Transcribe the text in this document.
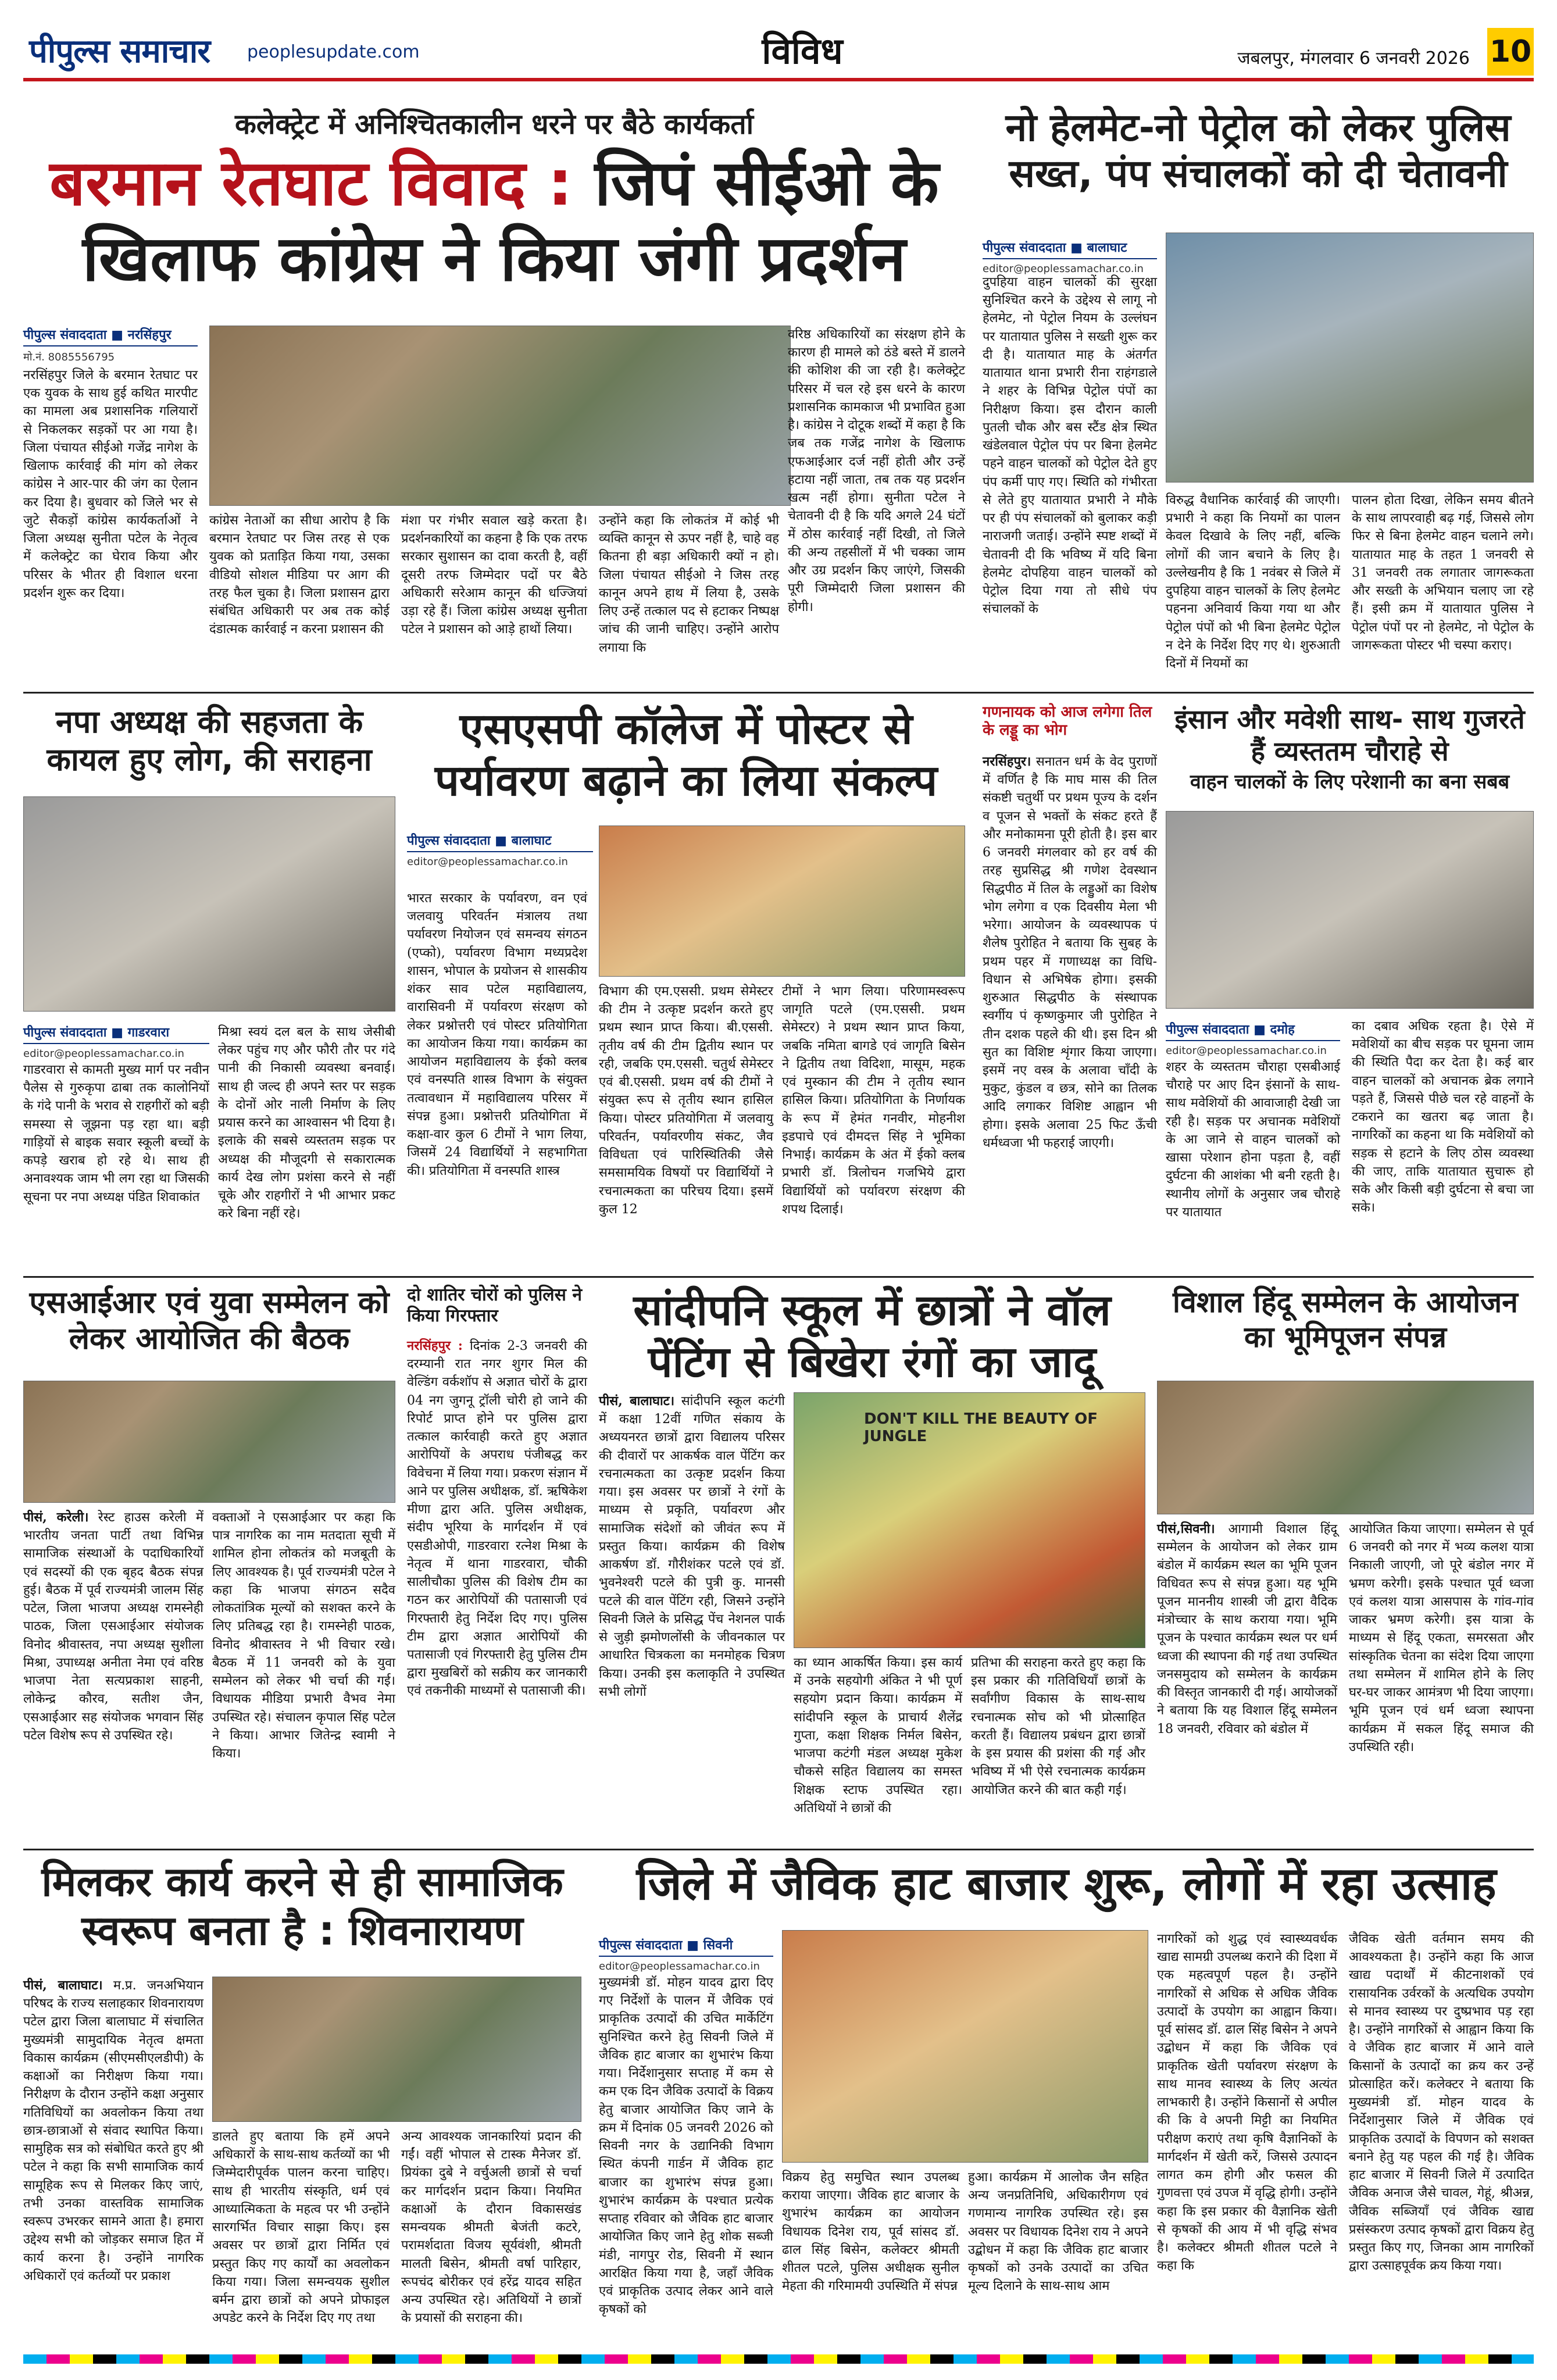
पीपुल्स समाचार peoplesupdate.com	विविध	जबलपुर, मंगलवार 6 जनवरी 2026 10
कलेक्ट्रेट में अनिश्चितकालीन धरने पर बैठे कार्यकर्ता
बरमान रेतघाट विवाद : जिपं सीईओ के खिलाफ कांग्रेस ने किया जंगी प्रदर्शन
पीपुल्स संवाददाता ■ नरसिंहपुर
मो.नं. 8085556795
नरसिंहपुर जिले के बरमान रेतघाट पर एक युवक के साथ हुई कथित मारपीट का मामला अब प्रशासनिक गलियारों से निकलकर सड़कों पर आ गया है। जिला पंचायत सीईओ गजेंद्र नागेश के खिलाफ कार्रवाई की मांग को लेकर कांग्रेस ने आर-पार की जंग का ऐलान कर दिया है। बुधवार को जिले भर से जुटे सैकड़ों कांग्रेस कार्यकर्ताओं ने जिला अध्यक्ष सुनीता पटेल के नेतृत्व में कलेक्ट्रेट का घेराव किया और परिसर के भीतर ही विशाल धरना प्रदर्शन शुरू कर दिया।
कांग्रेस नेताओं का सीधा आरोप है कि बरमान रेतघाट पर जिस तरह से एक युवक को प्रताड़ित किया गया, उसका वीडियो सोशल मीडिया पर आग की तरह फैल चुका है। जिला प्रशासन द्वारा संबंधित अधिकारी पर अब तक कोई दंडात्मक कार्रवाई न करना प्रशासन की
मंशा पर गंभीर सवाल खड़े करता है। प्रदर्शनकारियों का कहना है कि एक तरफ सरकार सुशासन का दावा करती है, वहीं दूसरी तरफ जिम्मेदार पदों पर बैठे अधिकारी सरेआम कानून की धज्जियां उड़ा रहे हैं। जिला कांग्रेस अध्यक्ष सुनीता पटेल ने प्रशासन को आड़े हाथों लिया।
उन्होंने कहा कि लोकतंत्र में कोई भी व्यक्ति कानून से ऊपर नहीं है, चाहे वह कितना ही बड़ा अधिकारी क्यों न हो। जिला पंचायत सीईओ ने जिस तरह कानून अपने हाथ में लिया है, उसके लिए उन्हें तत्काल पद से हटाकर निष्पक्ष जांच की जानी चाहिए। उन्होंने आरोप लगाया कि
वरिष्ठ अधिकारियों का संरक्षण होने के कारण ही मामले को ठंडे बस्ते में डालने की कोशिश की जा रही है। कलेक्ट्रेट परिसर में चल रहे इस धरने के कारण प्रशासनिक कामकाज भी प्रभावित हुआ है। कांग्रेस ने दोटूक शब्दों में कहा है कि जब तक गजेंद्र नागेश के खिलाफ एफआईआर दर्ज नहीं होती और उन्हें हटाया नहीं जाता, तब तक यह प्रदर्शन खत्म नहीं होगा। सुनीता पटेल ने चेतावनी दी है कि यदि अगले 24 घंटों में ठोस कार्रवाई नहीं दिखी, तो जिले की अन्य तहसीलों में भी चक्का जाम और उग्र प्रदर्शन किए जाएंगे, जिसकी पूरी जिम्मेदारी जिला प्रशासन की होगी।
नो हेलमेट-नो पेट्रोल को लेकर पुलिस सख्त, पंप संचालकों को दी चेतावनी
पीपुल्स संवाददाता ■ बालाघाट
editor@peoplessamachar.co.in
दुपहिया वाहन चालकों की सुरक्षा सुनिश्चित करने के उद्देश्य से लागू नो हेलमेट, नो पेट्रोल नियम के उल्लंघन पर यातायात पुलिस ने सख्ती शुरू कर दी है। यातायात माह के अंतर्गत यातायात थाना प्रभारी रीना राहंगडाले ने शहर के विभिन्न पेट्रोल पंपों का निरीक्षण किया। इस दौरान काली पुतली चौक और बस स्टैंड क्षेत्र स्थित खंडेलवाल पेट्रोल पंप पर बिना हेलमेट पहने वाहन चालकों को पेट्रोल देते हुए पंप कर्मी पाए गए। स्थिति को गंभीरता से लेते हुए यातायात प्रभारी ने मौके पर ही पंप संचालकों को बुलाकर कड़ी नाराजगी जताई। उन्होंने स्पष्ट शब्दों में चेतावनी दी कि भविष्य में यदि बिना हेलमेट दोपहिया वाहन चालकों को पेट्रोल दिया गया तो सीधे पंप संचालकों के
विरुद्ध वैधानिक कार्रवाई की जाएगी। प्रभारी ने कहा कि नियमों का पालन केवल दिखावे के लिए नहीं, बल्कि लोगों की जान बचाने के लिए है। उल्लेखनीय है कि 1 नवंबर से जिले में दुपहिया वाहन चालकों के लिए हेलमेट पहनना अनिवार्य किया गया था और पेट्रोल पंपों को भी बिना हेलमेट पेट्रोल न देने के निर्देश दिए गए थे। शुरुआती दिनों में नियमों का
पालन होता दिखा, लेकिन समय बीतने के साथ लापरवाही बढ़ गई, जिससे लोग फिर से बिना हेलमेट वाहन चलाने लगे। यातायात माह के तहत 1 जनवरी से 31 जनवरी तक लगातार जागरूकता और सख्ती के अभियान चलाए जा रहे हैं। इसी क्रम में यातायात पुलिस ने पेट्रोल पंपों पर नो हेलमेट, नो पेट्रोल के जागरूकता पोस्टर भी चस्पा कराए।
नपा अध्यक्ष की सहजता के कायल हुए लोग, की सराहना
पीपुल्स संवाददाता ■ गाडरवारा
editor@peoplessamachar.co.in
गाडरवारा से कामती मुख्य मार्ग पर नवीन पैलेस से गुरुकृपा ढाबा तक कालोनियों के गंदे पानी के भराव से राहगीरों को बड़ी समस्या से जूझना पड़ रहा था। बड़ी गाड़ियों से बाइक सवार स्कूली बच्चों के कपड़े खराब हो रहे थे। साथ ही अनावश्यक जाम भी लग रहा था जिसकी सूचना पर नपा अध्यक्ष पंडित शिवाकांत
मिश्रा स्वयं दल बल के साथ जेसीबी लेकर पहुंच गए और फौरी तौर पर गंदे पानी की निकासी व्यवस्था बनवाई। साथ ही जल्द ही अपने स्तर पर सड़क के दोनों ओर नाली निर्माण के लिए प्रयास करने का आश्वासन भी दिया है। इलाके की सबसे व्यस्ततम सड़क पर अध्यक्ष की मौजूदगी से सकारात्मक कार्य देख लोग प्रशंसा करने से नहीं चूके और राहगीरों ने भी आभार प्रकट करे बिना नहीं रहे।
एसएसपी कॉलेज में पोस्टर से पर्यावरण बढ़ाने का लिया संकल्प
पीपुल्स संवाददाता ■ बालाघाट
editor@peoplessamachar.co.in
भारत सरकार के पर्यावरण, वन एवं जलवायु परिवर्तन मंत्रालय तथा पर्यावरण नियोजन एवं समन्वय संगठन (एप्को), पर्यावरण विभाग मध्यप्रदेश शासन, भोपाल के प्रयोजन से शासकीय शंकर साव पटेल महाविद्यालय, वारासिवनी में पर्यावरण संरक्षण को लेकर प्रश्नोत्तरी एवं पोस्टर प्रतियोगिता का आयोजन किया गया। कार्यक्रम का आयोजन महाविद्यालय के ईको क्लब एवं वनस्पति शास्त्र विभाग के संयुक्त तत्वावधान में महाविद्यालय परिसर में संपन्न हुआ। प्रश्नोत्तरी प्रतियोगिता में कक्षा-वार कुल 6 टीमों ने भाग लिया, जिसमें 24 विद्यार्थियों ने सहभागिता की। प्रतियोगिता में वनस्पति शास्त्र
विभाग की एम.एससी. प्रथम सेमेस्टर की टीम ने उत्कृष्ट प्रदर्शन करते हुए प्रथम स्थान प्राप्त किया। बी.एससी. तृतीय वर्ष की टीम द्वितीय स्थान पर रही, जबकि एम.एससी. चतुर्थ सेमेस्टर एवं बी.एससी. प्रथम वर्ष की टीमों ने संयुक्त रूप से तृतीय स्थान हासिल किया। पोस्टर प्रतियोगिता में जलवायु परिवर्तन, पर्यावरणीय संकट, जैव विविधता एवं पारिस्थितिकी जैसे समसामयिक विषयों पर विद्यार्थियों ने रचनात्मकता का परिचय दिया। इसमें कुल 12
टीमों ने भाग लिया। परिणामस्वरूप जागृति पटले (एम.एससी. प्रथम सेमेस्टर) ने प्रथम स्थान प्राप्त किया, जबकि नमिता बागडे एवं जागृति बिसेन ने द्वितीय तथा विदिशा, मासूम, महक एवं मुस्कान की टीम ने तृतीय स्थान हासिल किया। प्रतियोगिता के निर्णायक के रूप में हेमंत गनवीर, मोहनीश इडपाचे एवं दीमदत्त सिंह ने भूमिका निभाई। कार्यक्रम के अंत में ईको क्लब प्रभारी डॉ. त्रिलोचन गजभिये द्वारा विद्यार्थियों को पर्यावरण संरक्षण की शपथ दिलाई।
गणनायक को आज लगेगा तिल के लड्डू का भोग
नरसिंहपुर। सनातन धर्म के वेद पुराणों में वर्णित है कि माघ मास की तिल संकष्टी चतुर्थी पर प्रथम पूज्य के दर्शन व पूजन से भक्तों के संकट हरते हैं और मनोकामना पूरी होती है। इस बार 6 जनवरी मंगलवार को हर वर्ष की तरह सुप्रसिद्ध श्री गणेश देवस्थान सिद्धपीठ में तिल के लड्डुओं का विशेष भोग लगेगा व एक दिवसीय मेला भी भरेगा। आयोजन के व्यवस्थापक पं शैलेष पुरोहित ने बताया कि सुबह के प्रथम पहर में गणाध्यक्ष का विधि-विधान से अभिषेक होगा। इसकी शुरुआत सिद्धपीठ के संस्थापक स्वर्गीय पं कृष्णकुमार जी पुरोहित ने तीन दशक पहले की थी। इस दिन श्री सुत का विशिष्ट शृंगार किया जाएगा। इसमें नए वस्त्र के अलावा चाँदी के मुकुट, कुंडल व छत्र, सोने का तिलक आदि लगाकर विशिष्ट आह्वान भी होगा। इसके अलावा 25 फिट ऊँची धर्मध्वजा भी फहराई जाएगी।
इंसान और मवेशी साथ- साथ गुजरते हैं व्यस्ततम चौराहे से
वाहन चालकों के लिए परेशानी का बना सबब
पीपुल्स संवाददाता ■ दमोह
editor@peoplessamachar.co.in
शहर के व्यस्ततम चौराहा एसबीआई चौराहे पर आए दिन इंसानों के साथ-साथ मवेशियों की आवाजाही देखी जा रही है। सड़क पर अचानक मवेशियों के आ जाने से वाहन चालकों को खासा परेशान होना पड़ता है, वहीं दुर्घटना की आशंका भी बनी रहती है। स्थानीय लोगों के अनुसार जब चौराहे पर यातायात
का दबाव अधिक रहता है। ऐसे में मवेशियों का बीच सड़क पर घूमना जाम की स्थिति पैदा कर देता है। कई बार वाहन चालकों को अचानक ब्रेक लगाने पड़ते हैं, जिससे पीछे चल रहे वाहनों के टकराने का खतरा बढ़ जाता है। नागरिकों का कहना था कि मवेशियों को सड़क से हटाने के लिए ठोस व्यवस्था की जाए, ताकि यातायात सुचारू हो सके और किसी बड़ी दुर्घटना से बचा जा सके।
एसआईआर एवं युवा सम्मेलन को लेकर आयोजित की बैठक
पीसं, करेली। रेस्ट हाउस करेली में भारतीय जनता पार्टी तथा विभिन्न सामाजिक संस्थाओं के पदाधिकारियों एवं सदस्यों की एक बृहद बैठक संपन्न हुई। बैठक में पूर्व राज्यमंत्री जालम सिंह पटेल, जिला भाजपा अध्यक्ष रामस्नेही पाठक, जिला एसआईआर संयोजक विनोद श्रीवास्तव, नपा अध्यक्ष सुशीला मिश्रा, उपाध्यक्ष अनीता नेमा एवं वरिष्ठ भाजपा नेता सत्यप्रकाश साहनी, लोकेन्द्र कौरव, सतीश जैन, एसआईआर सह संयोजक भगवान सिंह पटेल विशेष रूप से उपस्थित रहे।
वक्ताओं ने एसआईआर पर कहा कि पात्र नागरिक का नाम मतदाता सूची में शामिल होना लोकतंत्र को मजबूती के लिए आवश्यक है। पूर्व राज्यमंत्री पटेल ने कहा कि भाजपा संगठन सदैव लोकतांत्रिक मूल्यों को सशक्त करने के लिए प्रतिबद्ध रहा है। रामस्नेही पाठक, विनोद श्रीवास्तव ने भी विचार रखे। बैठक में 11 जनवरी को के युवा सम्मेलन को लेकर भी चर्चा की गई। विधायक मीडिया प्रभारी वैभव नेमा उपस्थित रहे। संचालन कृपाल सिंह पटेल ने किया। आभार जितेन्द्र स्वामी ने किया।
दो शातिर चोरों को पुलिस ने किया गिरफ्तार
नरसिंहपुर : दिनांक 2-3 जनवरी की दरम्यानी रात नगर शुगर मिल की वेल्डिंग वर्कशॉप से अज्ञात चोरों के द्वारा 04 नग जुगनू ट्रॉली चोरी हो जाने की रिपोर्ट प्राप्त होने पर पुलिस द्वारा तत्काल कार्रवाही करते हुए अज्ञात आरोपियों के अपराध पंजीबद्ध कर विवेचना में लिया गया। प्रकरण संज्ञान में आने पर पुलिस अधीक्षक, डॉ. ऋषिकेश मीणा द्वारा अति. पुलिस अधीक्षक, संदीप भूरिया के मार्गदर्शन में एवं एसडीओपी, गाडरवारा रत्नेश मिश्रा के नेतृत्व में थाना गाडरवारा, चौकी सालीचौका पुलिस की विशेष टीम का गठन कर आरोपियों की पतासाजी एवं गिरफ्तारी हेतु निर्देश दिए गए। पुलिस टीम द्वारा अज्ञात आरोपियों की पतासाजी एवं गिरफ्तारी हेतु पुलिस टीम द्वारा मुखबिरों को सक्रीय कर जानकारी एवं तकनीकी माध्यमों से पतासाजी की।
सांदीपनि स्कूल में छात्रों ने वॉल पेंटिंग से बिखेरा रंगों का जादू
पीसं, बालाघाट। सांदीपनि स्कूल कटंगी में कक्षा 12वीं गणित संकाय के अध्ययनरत छात्रों द्वारा विद्यालय परिसर की दीवारों पर आकर्षक वाल पेंटिंग कर रचनात्मकता का उत्कृष्ट प्रदर्शन किया गया। इस अवसर पर छात्रों ने रंगों के माध्यम से प्रकृति, पर्यावरण और सामाजिक संदेशों को जीवंत रूप में प्रस्तुत किया। कार्यक्रम की विशेष आकर्षण डॉ. गौरीशंकर पटले एवं डॉ. भुवनेश्वरी पटले की पुत्री कु. मानसी पटले की वाल पेंटिंग रही, जिसने उन्होंने सिवनी जिले के प्रसिद्ध पेंच नेशनल पार्क से जुड़ी झमोणलोंसी के जीवनकाल पर आधारित चित्रकला का मनमोहक चित्रण किया। उनकी इस कलाकृति ने उपस्थित सभी लोगों
DON'T KILL THE BEAUTY OF JUNGLE
का ध्यान आकर्षित किया। इस कार्य में उनके सहयोगी अंकित ने भी पूर्ण सहयोग प्रदान किया। कार्यक्रम में सांदीपनि स्कूल के प्राचार्य शैलेंद्र गुप्ता, कक्षा शिक्षक निर्मल बिसेन, भाजपा कटंगी मंडल अध्यक्ष मुकेश चौकसे सहित विद्यालय का समस्त शिक्षक स्टाफ उपस्थित रहा। अतिथियों ने छात्रों की
प्रतिभा की सराहना करते हुए कहा कि इस प्रकार की गतिविधियाँ छात्रों के सर्वांगीण विकास के साथ-साथ रचनात्मक सोच को भी प्रोत्साहित करती हैं। विद्यालय प्रबंधन द्वारा छात्रों के इस प्रयास की प्रशंसा की गई और भविष्य में भी ऐसे रचनात्मक कार्यक्रम आयोजित करने की बात कही गई।
विशाल हिंदू सम्मेलन के आयोजन का भूमिपूजन संपन्न
पीसं,सिवनी। आगामी विशाल हिंदू सम्मेलन के आयोजन को लेकर ग्राम बंडोल में कार्यक्रम स्थल का भूमि पूजन विधिवत रूप से संपन्न हुआ। यह भूमि पूजन माननीय शास्त्री जी द्वारा वैदिक मंत्रोच्चार के साथ कराया गया। भूमि पूजन के पश्चात कार्यक्रम स्थल पर धर्म ध्वजा की स्थापना की गई तथा उपस्थित जनसमुदाय को सम्मेलन के कार्यक्रम की विस्तृत जानकारी दी गई। आयोजकों ने बताया कि यह विशाल हिंदू सम्मेलन 18 जनवरी, रविवार को बंडोल में
आयोजित किया जाएगा। सम्मेलन से पूर्व 6 जनवरी को नगर में भव्य कलश यात्रा निकाली जाएगी, जो पूरे बंडोल नगर में भ्रमण करेगी। इसके पश्चात पूर्व ध्वजा एवं कलश यात्रा आसपास के गांव-गांव जाकर भ्रमण करेगी। इस यात्रा के माध्यम से हिंदू एकता, समरसता और सांस्कृतिक चेतना का संदेश दिया जाएगा तथा सम्मेलन में शामिल होने के लिए घर-घर जाकर आमंत्रण भी दिया जाएगा। भूमि पूजन एवं धर्म ध्वजा स्थापना कार्यक्रम में सकल हिंदू समाज की उपस्थिति रही।
मिलकर कार्य करने से ही सामाजिक स्वरूप बनता है : शिवनारायण
पीसं, बालाघाट। म.प्र. जनअभियान परिषद के राज्य सलाहकार शिवनारायण पटेल द्वारा जिला बालाघाट में संचालित मुख्यमंत्री सामुदायिक नेतृत्व क्षमता विकास कार्यक्रम (सीएमसीएलडीपी) के कक्षाओं का निरीक्षण किया गया। निरीक्षण के दौरान उन्होंने कक्षा अनुसार गतिविधियों का अवलोकन किया तथा छात्र-छात्राओं से संवाद स्थापित किया। सामुहिक सत्र को संबोधित करते हुए श्री पटेल ने कहा कि सभी सामाजिक कार्य सामूहिक रूप से मिलकर किए जाएं, तभी उनका वास्तविक सामाजिक स्वरूप उभरकर सामने आता है। हमारा उद्देश्य सभी को जोड़कर समाज हित में कार्य करना है। उन्होंने नागरिक अधिकारों एवं कर्तव्यों पर प्रकाश
डालते हुए बताया कि हमें अपने अधिकारों के साथ-साथ कर्तव्यों का भी जिम्मेदारीपूर्वक पालन करना चाहिए। साथ ही भारतीय संस्कृति, धर्म एवं आध्यात्मिकता के महत्व पर भी उन्होंने सारगर्भित विचार साझा किए। इस अवसर पर छात्रों द्वारा निर्मित एवं प्रस्तुत किए गए कार्यों का अवलोकन किया गया। जिला समन्वयक सुशील बर्मन द्वारा छात्रों को अपने प्रोफाइल अपडेट करने के निर्देश दिए गए तथा
अन्य आवश्यक जानकारियां प्रदान की गईं। वहीं भोपाल से टास्क मैनेजर डॉ. प्रियंका दुबे ने वर्चुअली छात्रों से चर्चा कर मार्गदर्शन प्रदान किया। नियमित कक्षाओं के दौरान विकासखंड समन्वयक श्रीमती बेजंती कटरे, परामर्शदाता विजय सूर्यवंशी, श्रीमती मालती बिसेन, श्रीमती वर्षा पारिहार, रूपचंद बोरीकर एवं हरेंद्र यादव सहित अन्य उपस्थित रहे। अतिथियों ने छात्रों के प्रयासों की सराहना की।
जिले में जैविक हाट बाजार शुरू, लोगों में रहा उत्साह
पीपुल्स संवाददाता ■ सिवनी
editor@peoplessamachar.co.in
मुख्यमंत्री डॉ. मोहन यादव द्वारा दिए गए निर्देशों के पालन में जैविक एवं प्राकृतिक उत्पादों की उचित मार्केटिंग सुनिश्चित करने हेतु सिवनी जिले में जैविक हाट बाजार का शुभारंभ किया गया। निर्देशानुसार सप्ताह में कम से कम एक दिन जैविक उत्पादों के विक्रय हेतु बाजार आयोजित किए जाने के क्रम में दिनांक 05 जनवरी 2026 को सिवनी नगर के उद्यानिकी विभाग स्थित कंपनी गार्डन में जैविक हाट बाजार का शुभारंभ संपन्न हुआ। शुभारंभ कार्यक्रम के पश्चात प्रत्येक सप्ताह रविवार को जैविक हाट बाजार आयोजित किए जाने हेतु शोक सब्जी मंडी, नागपुर रोड, सिवनी में स्थान आरक्षित किया गया है, जहाँ जैविक एवं प्राकृतिक उत्पाद लेकर आने वाले कृषकों को
विक्रय हेतु समुचित स्थान उपलब्ध कराया जाएगा। जैविक हाट बाजार के शुभारंभ कार्यक्रम का आयोजन विधायक दिनेश राय, पूर्व सांसद डॉ. ढाल सिंह बिसेन, कलेक्टर श्रीमती शीतल पटले, पुलिस अधीक्षक सुनील मेहता की गरिमामयी उपस्थिति में संपन्न
हुआ। कार्यक्रम में आलोक जैन सहित अन्य जनप्रतिनिधि, अधिकारीगण एवं गणमान्य नागरिक उपस्थित रहे। इस अवसर पर विधायक दिनेश राय ने अपने उद्बोधन में कहा कि जैविक हाट बाजार कृषकों को उनके उत्पादों का उचित मूल्य दिलाने के साथ-साथ आम
नागरिकों को शुद्ध एवं स्वास्थ्यवर्धक खाद्य सामग्री उपलब्ध कराने की दिशा में एक महत्वपूर्ण पहल है। उन्होंने नागरिकों से अधिक से अधिक जैविक उत्पादों के उपयोग का आह्वान किया। पूर्व सांसद डॉ. ढाल सिंह बिसेन ने अपने उद्बोधन में कहा कि जैविक एवं प्राकृतिक खेती पर्यावरण संरक्षण के साथ मानव स्वास्थ्य के लिए अत्यंत लाभकारी है। उन्होंने किसानों से अपील की कि वे अपनी मिट्टी का नियमित परीक्षण कराएं तथा कृषि वैज्ञानिकों के मार्गदर्शन में खेती करें, जिससे उत्पादन लागत कम होगी और फसल की गुणवत्ता एवं उपज में वृद्धि होगी। उन्होंने कहा कि इस प्रकार की वैज्ञानिक खेती से कृषकों की आय में भी वृद्धि संभव है। कलेक्टर श्रीमती शीतल पटले ने कहा कि
जैविक खेती वर्तमान समय की आवश्यकता है। उन्होंने कहा कि आज खाद्य पदार्थों में कीटनाशकों एवं रासायनिक उर्वरकों के अत्यधिक उपयोग से मानव स्वास्थ्य पर दुष्प्रभाव पड़ रहा है। उन्होंने नागरिकों से आह्वान किया कि वे जैविक हाट बाजार में आने वाले किसानों के उत्पादों का क्रय कर उन्हें प्रोत्साहित करें। कलेक्टर ने बताया कि मुख्यमंत्री डॉ. मोहन यादव के निर्देशानुसार जिले में जैविक एवं प्राकृतिक उत्पादों के विपणन को सशक्त बनाने हेतु यह पहल की गई है। जैविक हाट बाजार में सिवनी जिले में उत्पादित जैविक अनाज जैसे चावल, गेहूं, श्रीअन्न, जैविक सब्जियाँ एवं जैविक खाद्य प्रसंस्करण उत्पाद कृषकों द्वारा विक्रय हेतु प्रस्तुत किए गए, जिनका आम नागरिकों द्वारा उत्साहपूर्वक क्रय किया गया।
